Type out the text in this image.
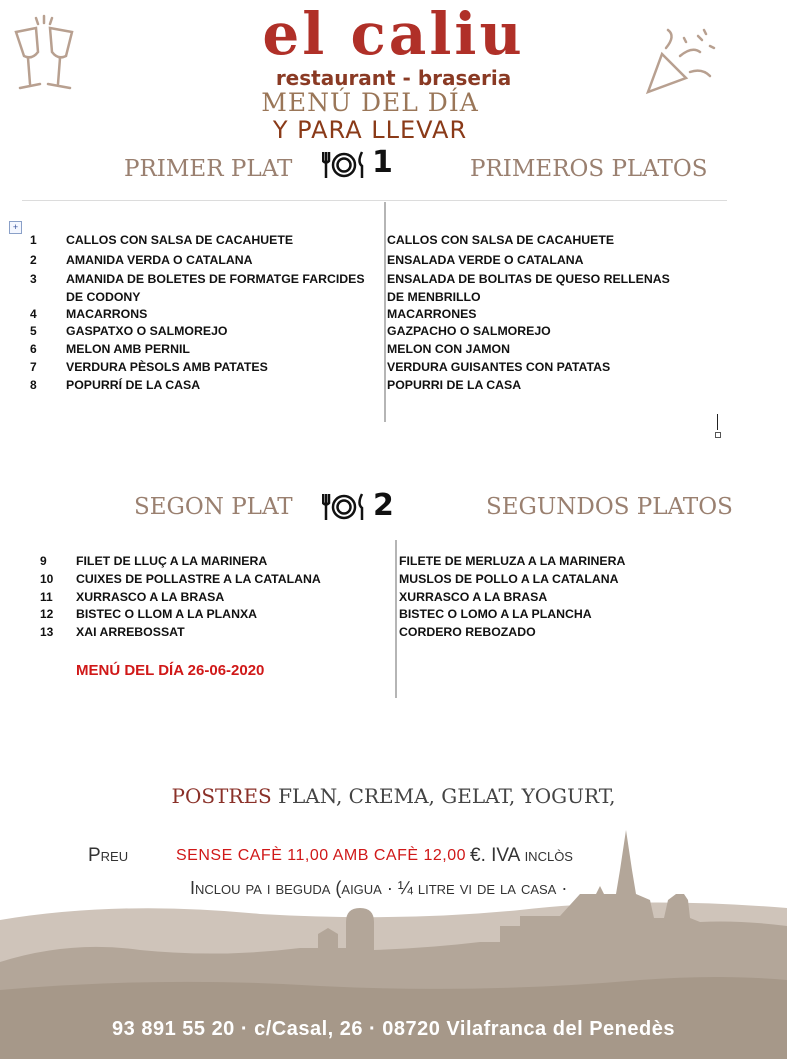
el caliu
restaurant - braseria
MENÚ DEL DÍA
Y PARA LLEVAR
PRIMER PLAT	1	PRIMEROS PLATOS
+
1	CALLOS CON SALSA DE CACAHUETE	CALLOS CON SALSA DE CACAHUETE
2	AMANIDA VERDA O CATALANA	ENSALADA VERDE O CATALANA
3	AMANIDA DE BOLETES DE FORMATGE FARCIDES DE CODONY
ENSALADA DE BOLITAS DE QUESO RELLENAS DE MENBRILLO
4	MACARRONS	MACARRONES
5	GASPATXO O SALMOREJO	GAZPACHO O SALMOREJO
6	MELON AMB PERNIL	MELON CON JAMON
7	VERDURA PÈSOLS AMB PATATES	VERDURA GUISANTES CON PATATAS
8	POPURRÍ DE LA CASA	POPURRI DE LA CASA
SEGON PLAT	2	SEGUNDOS PLATOS
9	FILET DE LLUÇ A LA MARINERA	FILETE DE MERLUZA A LA MARINERA
10	CUIXES DE POLLASTRE A LA CATALANA	MUSLOS DE POLLO A LA CATALANA
11	XURRASCO A LA BRASA	XURRASCO A LA BRASA
12	BISTEC O LLOM A LA PLANXA	BISTEC O LOMO A LA PLANCHA
13	XAI ARREBOSSAT	CORDERO REBOZADO
MENÚ DEL DÍA 26-06-2020
POSTRES FLAN, CREMA, GELAT, YOGURT,
Preu	SENSE CAFÈ 11,00 AMB CAFÈ 12,00 €. IVA inclòs
Inclou pa i beguda (aigua · ¼ litre vi de la casa ·
93 891 55 20 · c/Casal, 26 · 08720 Vilafranca del Penedès
